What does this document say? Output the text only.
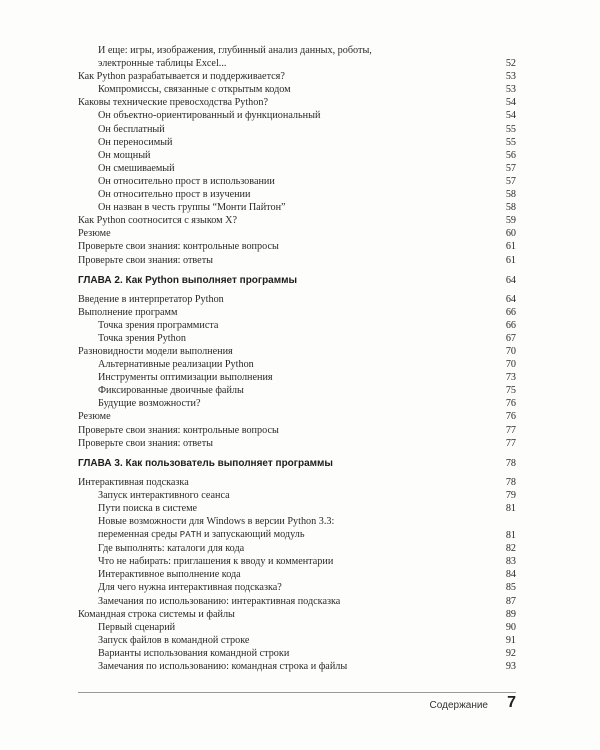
И еще: игры, изображения, глубинный анализ данных, роботы,
электронные таблицы Excel...	52
Как Python разрабатывается и поддерживается?	53
Компромиссы, связанные с открытым кодом	53
Каковы технические превосходства Python?	54
Он объектно-ориентированный и функциональный	54
Он бесплатный	55
Он переносимый	55
Он мощный	56
Он смешиваемый	57
Он относительно прост в использовании	57
Он относительно прост в изучении	58
Он назван в честь группы “Монти Пайтон”	58
Как Python соотносится с языком X?	59
Резюме	60
Проверьте свои знания: контрольные вопросы	61
Проверьте свои знания: ответы	61
ГЛАВА 2. Как Python выполняет программы	64
Введение в интерпретатор Python	64
Выполнение программ	66
Точка зрения программиста	66
Точка зрения Python	67
Разновидности модели выполнения	70
Альтернативные реализации Python	70
Инструменты оптимизации выполнения	73
Фиксированные двоичные файлы	75
Будущие возможности?	76
Резюме	76
Проверьте свои знания: контрольные вопросы	77
Проверьте свои знания: ответы	77
ГЛАВА 3. Как пользователь выполняет программы	78
Интерактивная подсказка	78
Запуск интерактивного сеанса	79
Пути поиска в системе	81
Новые возможности для Windows в версии Python 3.3:
переменная среды PATH и запускающий модуль	81
Где выполнять: каталоги для кода	82
Что не набирать: приглашения к вводу и комментарии	83
Интерактивное выполнение кода	84
Для чего нужна интерактивная подсказка?	85
Замечания по использованию: интерактивная подсказка	87
Командная строка системы и файлы	89
Первый сценарий	90
Запуск файлов в командной строке	91
Варианты использования командной строки	92
Замечания по использованию: командная строка и файлы	93
Содержание 7
